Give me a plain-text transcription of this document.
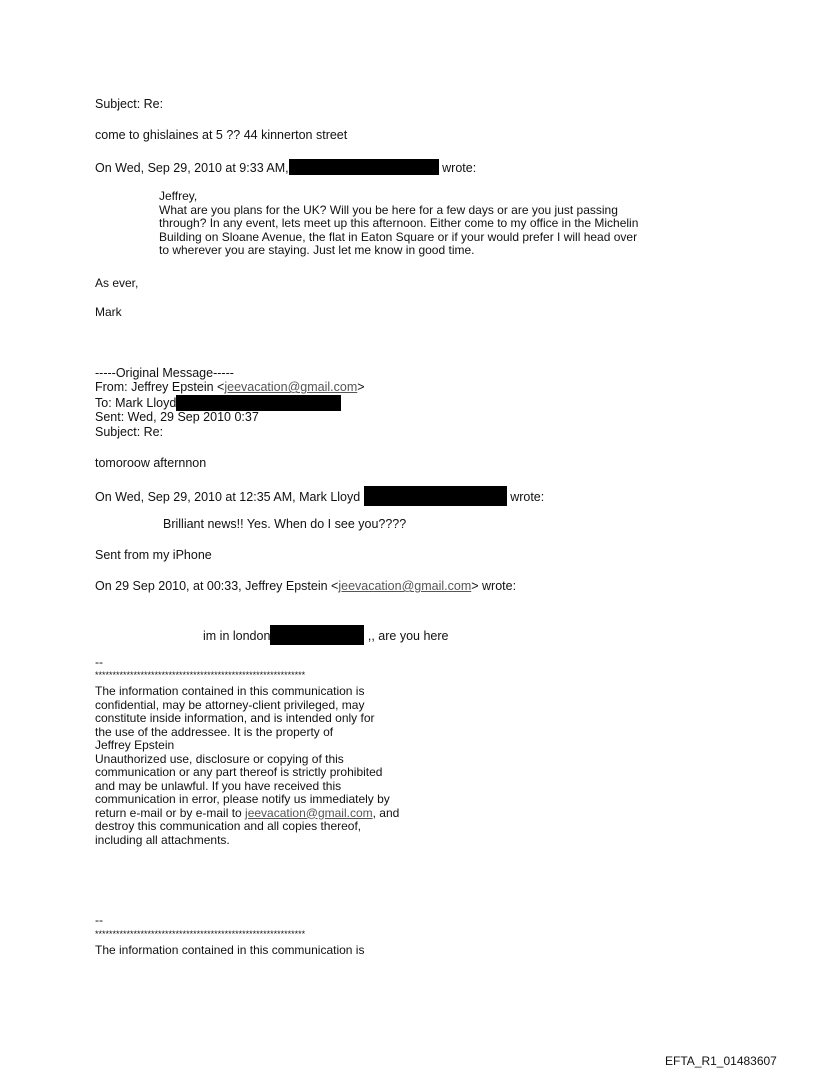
Subject: Re:
come to ghislaines at 5 ?? 44 kinnerton street
On Wed, Sep 29, 2010 at 9:33 AM,	wrote:
Jeffrey,
What are you plans for the UK? Will you be here for a few days or are you just passing
through? In any event, lets meet up this afternoon. Either come to my office in the Michelin
Building on Sloane Avenue, the flat in Eaton Square or if your would prefer I will head over
to wherever you are staying. Just let me know in good time.
As ever,
Mark
-----Original Message-----
From: Jeffrey Epstein <jeevacation@gmail.com>
To: Mark Lloyd
Sent: Wed, 29 Sep 2010 0:37
Subject: Re:
tomoroow afternnon
On Wed, Sep 29, 2010 at 12:35 AM, Mark Lloyd	wrote:
Brilliant news!! Yes. When do I see you????
Sent from my iPhone
On 29 Sep 2010, at 00:33, Jeffrey Epstein <jeevacation@gmail.com> wrote:
im in london	,, are you here
--
************************************************************
The information contained in this communication is
confidential, may be attorney-client privileged, may
constitute inside information, and is intended only for
the use of the addressee. It is the property of
Jeffrey Epstein
Unauthorized use, disclosure or copying of this
communication or any part thereof is strictly prohibited
and may be unlawful. If you have received this
communication in error, please notify us immediately by
return e-mail or by e-mail to jeevacation@gmail.com, and
destroy this communication and all copies thereof,
including all attachments.
--
************************************************************
The information contained in this communication is
EFTA_R1_01483607
